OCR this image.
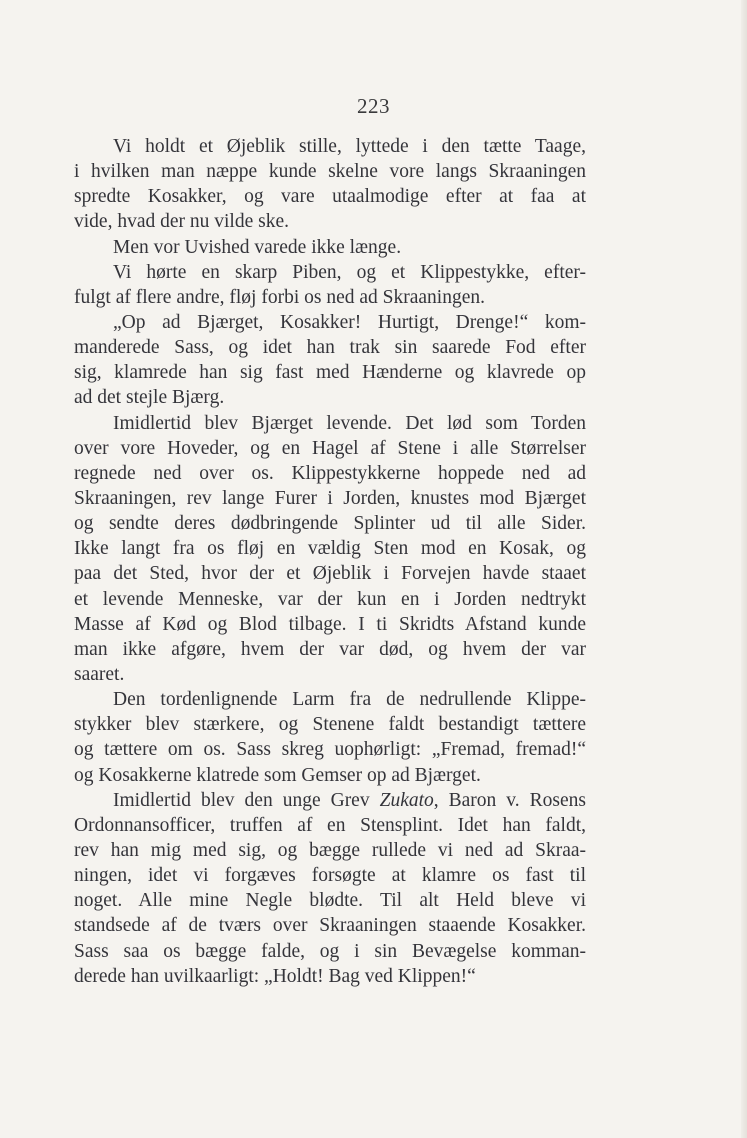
223
Vi holdt et Øjeblik stille, lyttede i den tætte Taage,
i hvilken man næppe kunde skelne vore langs Skraaningen
spredte Kosakker, og vare utaalmodige efter at faa at
vide, hvad der nu vilde ske.
Men vor Uvished varede ikke længe.
Vi hørte en skarp Piben, og et Klippestykke, efter-
fulgt af flere andre, fløj forbi os ned ad Skraaningen.
„Op ad Bjærget, Kosakker! Hurtigt, Drenge!“ kom-
manderede Sass, og idet han trak sin saarede Fod efter
sig, klamrede han sig fast med Hænderne og klavrede op
ad det stejle Bjærg.
Imidlertid blev Bjærget levende. Det lød som Torden
over vore Hoveder, og en Hagel af Stene i alle Størrelser
regnede ned over os. Klippestykkerne hoppede ned ad
Skraaningen, rev lange Furer i Jorden, knustes mod Bjærget
og sendte deres dødbringende Splinter ud til alle Sider.
Ikke langt fra os fløj en vældig Sten mod en Kosak, og
paa det Sted, hvor der et Øjeblik i Forvejen havde staaet
et levende Menneske, var der kun en i Jorden nedtrykt
Masse af Kød og Blod tilbage. I ti Skridts Afstand kunde
man ikke afgøre, hvem der var død, og hvem der var
saaret.
Den tordenlignende Larm fra de nedrullende Klippe-
stykker blev stærkere, og Stenene faldt bestandigt tættere
og tættere om os. Sass skreg uophørligt: „Fremad, fremad!“
og Kosakkerne klatrede som Gemser op ad Bjærget.
Imidlertid blev den unge Grev Zukato, Baron v. Rosens
Ordonnansofficer, truffen af en Stensplint. Idet han faldt,
rev han mig med sig, og bægge rullede vi ned ad Skraa-
ningen, idet vi forgæves forsøgte at klamre os fast til
noget. Alle mine Negle blødte. Til alt Held bleve vi
standsede af de tværs over Skraaningen staaende Kosakker.
Sass saa os bægge falde, og i sin Bevægelse komman-
derede han uvilkaarligt: „Holdt! Bag ved Klippen!“
